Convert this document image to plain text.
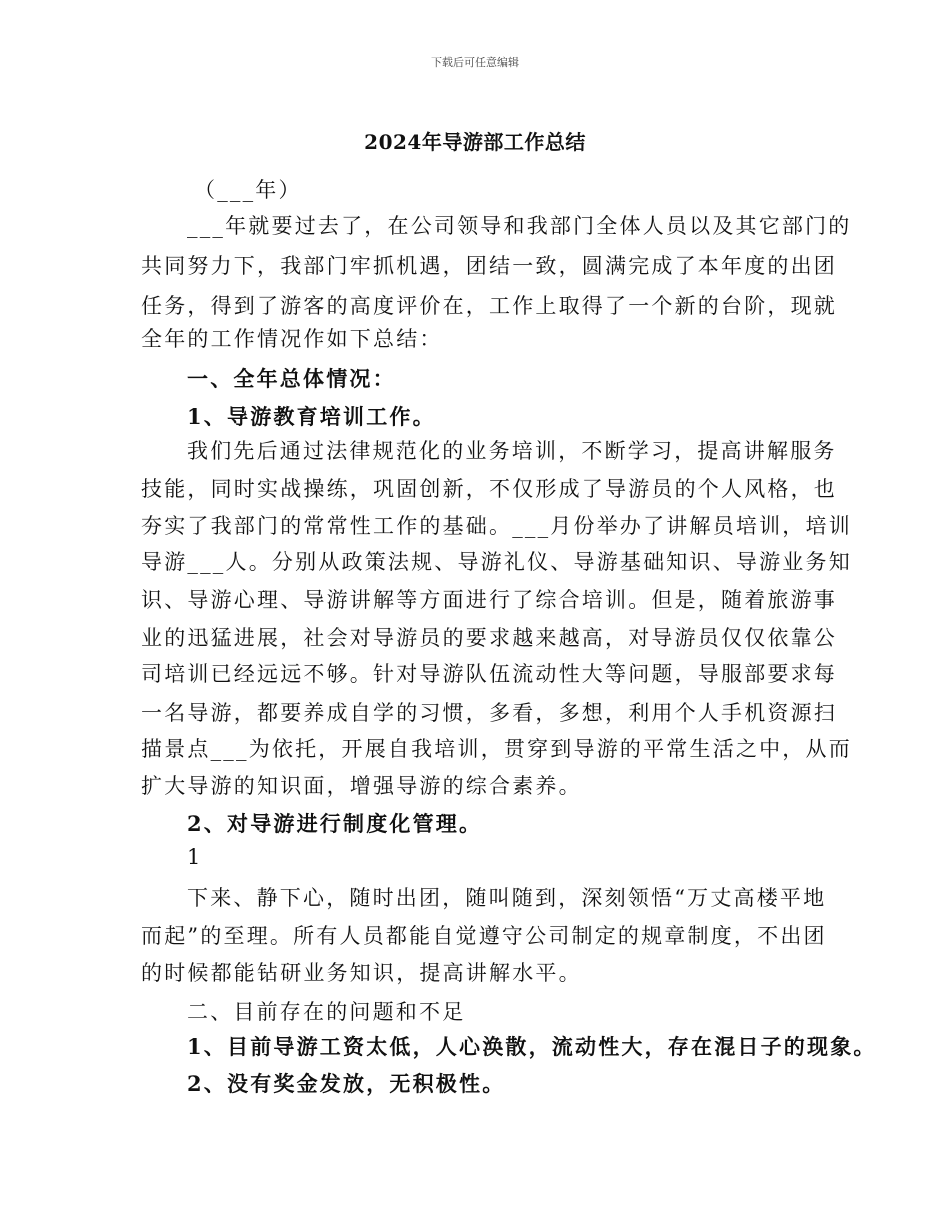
下载后可任意编辑
2024年导游部工作总结
（___年）
___年就要过去了，在公司领导和我部门全体人员以及其它部门的
共同努力下，我部门牢抓机遇，团结一致，圆满完成了本年度的出团
任务，得到了游客的高度评价在，工作上取得了一个新的台阶，现就
全年的工作情况作如下总结：
一、全年总体情况：
1、导游教育培训工作。
我们先后通过法律规范化的业务培训，不断学习，提高讲解服务
技能，同时实战操练，巩固创新，不仅形成了导游员的个人风格，也
夯实了我部门的常常性工作的基础。___月份举办了讲解员培训，培训
导游___人。分别从政策法规、导游礼仪、导游基础知识、导游业务知
识、导游心理、导游讲解等方面进行了综合培训。但是，随着旅游事
业的迅猛进展，社会对导游员的要求越来越高，对导游员仅仅依靠公
司培训已经远远不够。针对导游队伍流动性大等问题，导服部要求每
一名导游，都要养成自学的习惯，多看，多想，利用个人手机资源扫
描景点___为依托，开展自我培训，贯穿到导游的平常生活之中，从而
扩大导游的知识面，增强导游的综合素养。
2、对导游进行制度化管理。
1
下来、静下心，随时出团，随叫随到，深刻领悟“万丈高楼平地
而起”的至理。所有人员都能自觉遵守公司制定的规章制度，不出团
的时候都能钻研业务知识，提高讲解水平。
二、目前存在的问题和不足
1、目前导游工资太低，人心涣散，流动性大，存在混日子的现象。
2、没有奖金发放，无积极性。
